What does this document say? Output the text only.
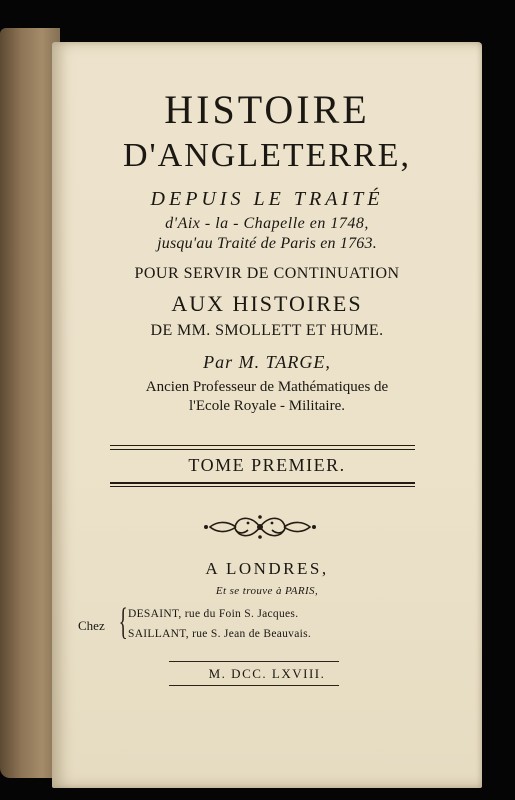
HISTOIRE

D'ANGLETERRE,

DEPUIS LE TRAITÉ

d'Aix - la - Chapelle en 1748,

jusqu'au Traité de Paris en 1763.

POUR SERVIR DE CONTINUATION

AUX HISTOIRES

DE MM. SMOLLETT ET HUME.

Par M. TARGE,

Ancien Professeur de Mathématiques de

l'Ecole Royale - Militaire.

TOME PREMIER.

A LONDRES,

Et se trouve à PARIS,

Chez { DESAINT, rue du Foin S. Jacques.
SAILLANT, rue S. Jean de Beauvais.

M. DCC. LXVIII.
